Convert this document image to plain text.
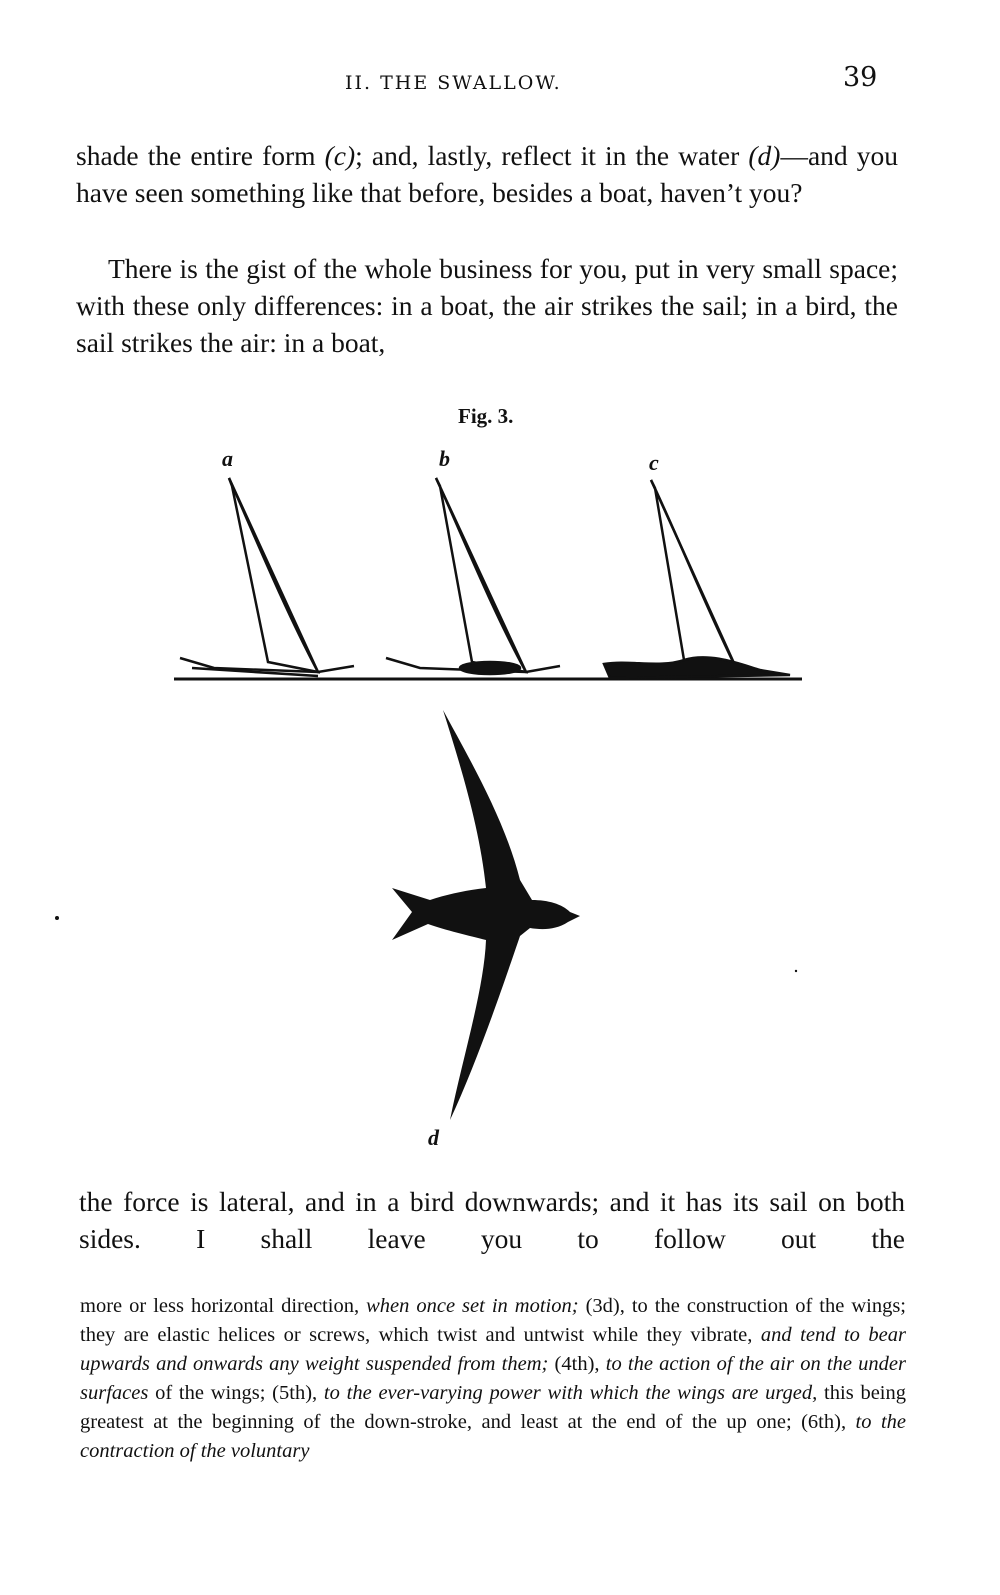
II. THE SWALLOW.	39

shade the entire form (c); and, lastly, reflect it in the water (d)—and you have seen something like that before, besides a boat, haven’t you?

There is the gist of the whole business for you, put in very small space; with these only differences: in a boat, the air strikes the sail; in a bird, the sail strikes the air: in a boat,

Fig. 3.
a	b	c
d

the force is lateral, and in a bird downwards; and it has its sail on both sides. I shall leave you to follow out the

more or less horizontal direction, when once set in motion; (3d), to the construction of the wings; they are elastic helices or screws, which twist and untwist while they vibrate, and tend to bear upwards and onwards any weight suspended from them; (4th), to the action of the air on the under surfaces of the wings; (5th), to the ever-varying power with which the wings are urged, this being greatest at the beginning of the down-stroke, and least at the end of the up one; (6th), to the contraction of the voluntary
